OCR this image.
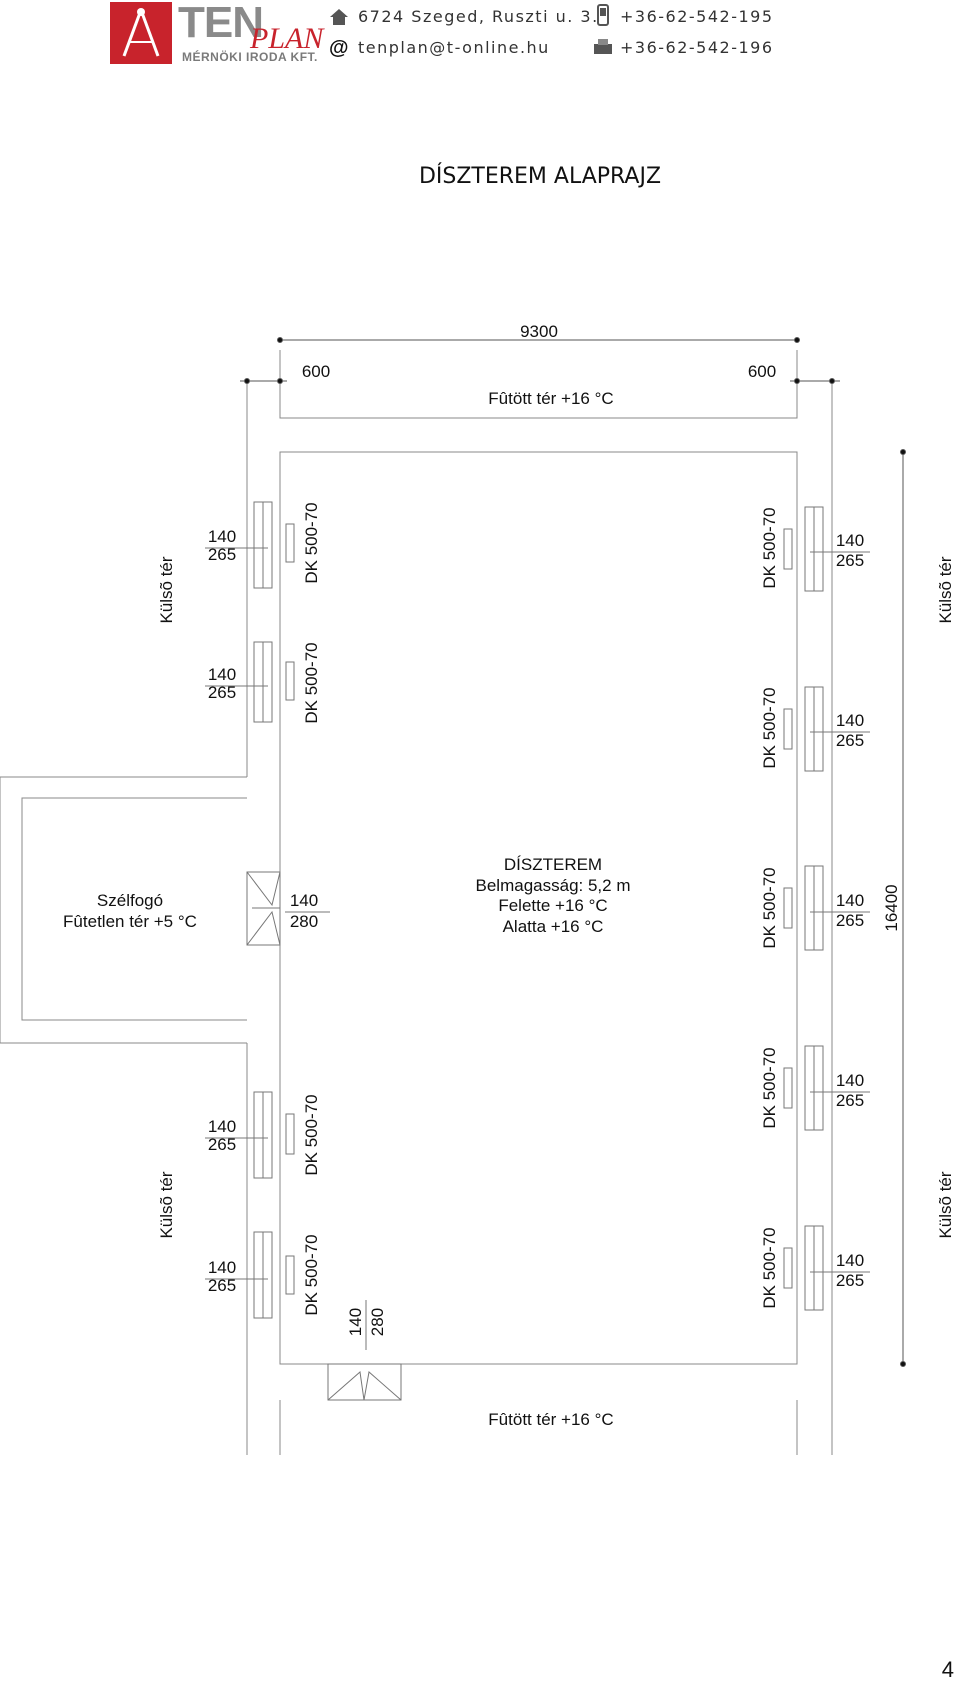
TEN
PLAN
MÉRNÖKI IRODA KFT.
6724 Szeged, Ruszti u. 3.
@ tenplan@t-online.hu
+36-62-542-195
+36-62-542-196
DÍSZTEREM ALAPRAJZ
9300
600	600
Fûtött tér +16 °C
16400
Külsõ tér
Külsõ tér
Külsõ tér
Külsõ tér
140
265
140
265
140
265
140
265
140
265
140
265
140
265
140
265
140
265
DK 500-70
DK 500-70
DK 500-70
DK 500-70
DK 500-70
DK 500-70
DK 500-70
DK 500-70
DK 500-70
140
280
Szélfogó
Fûtetlen tér +5 °C
DÍSZTEREM
Belmagasság: 5,2 m
Felette +16 °C
Alatta +16 °C
140 280
Fûtött tér +16 °C
4
